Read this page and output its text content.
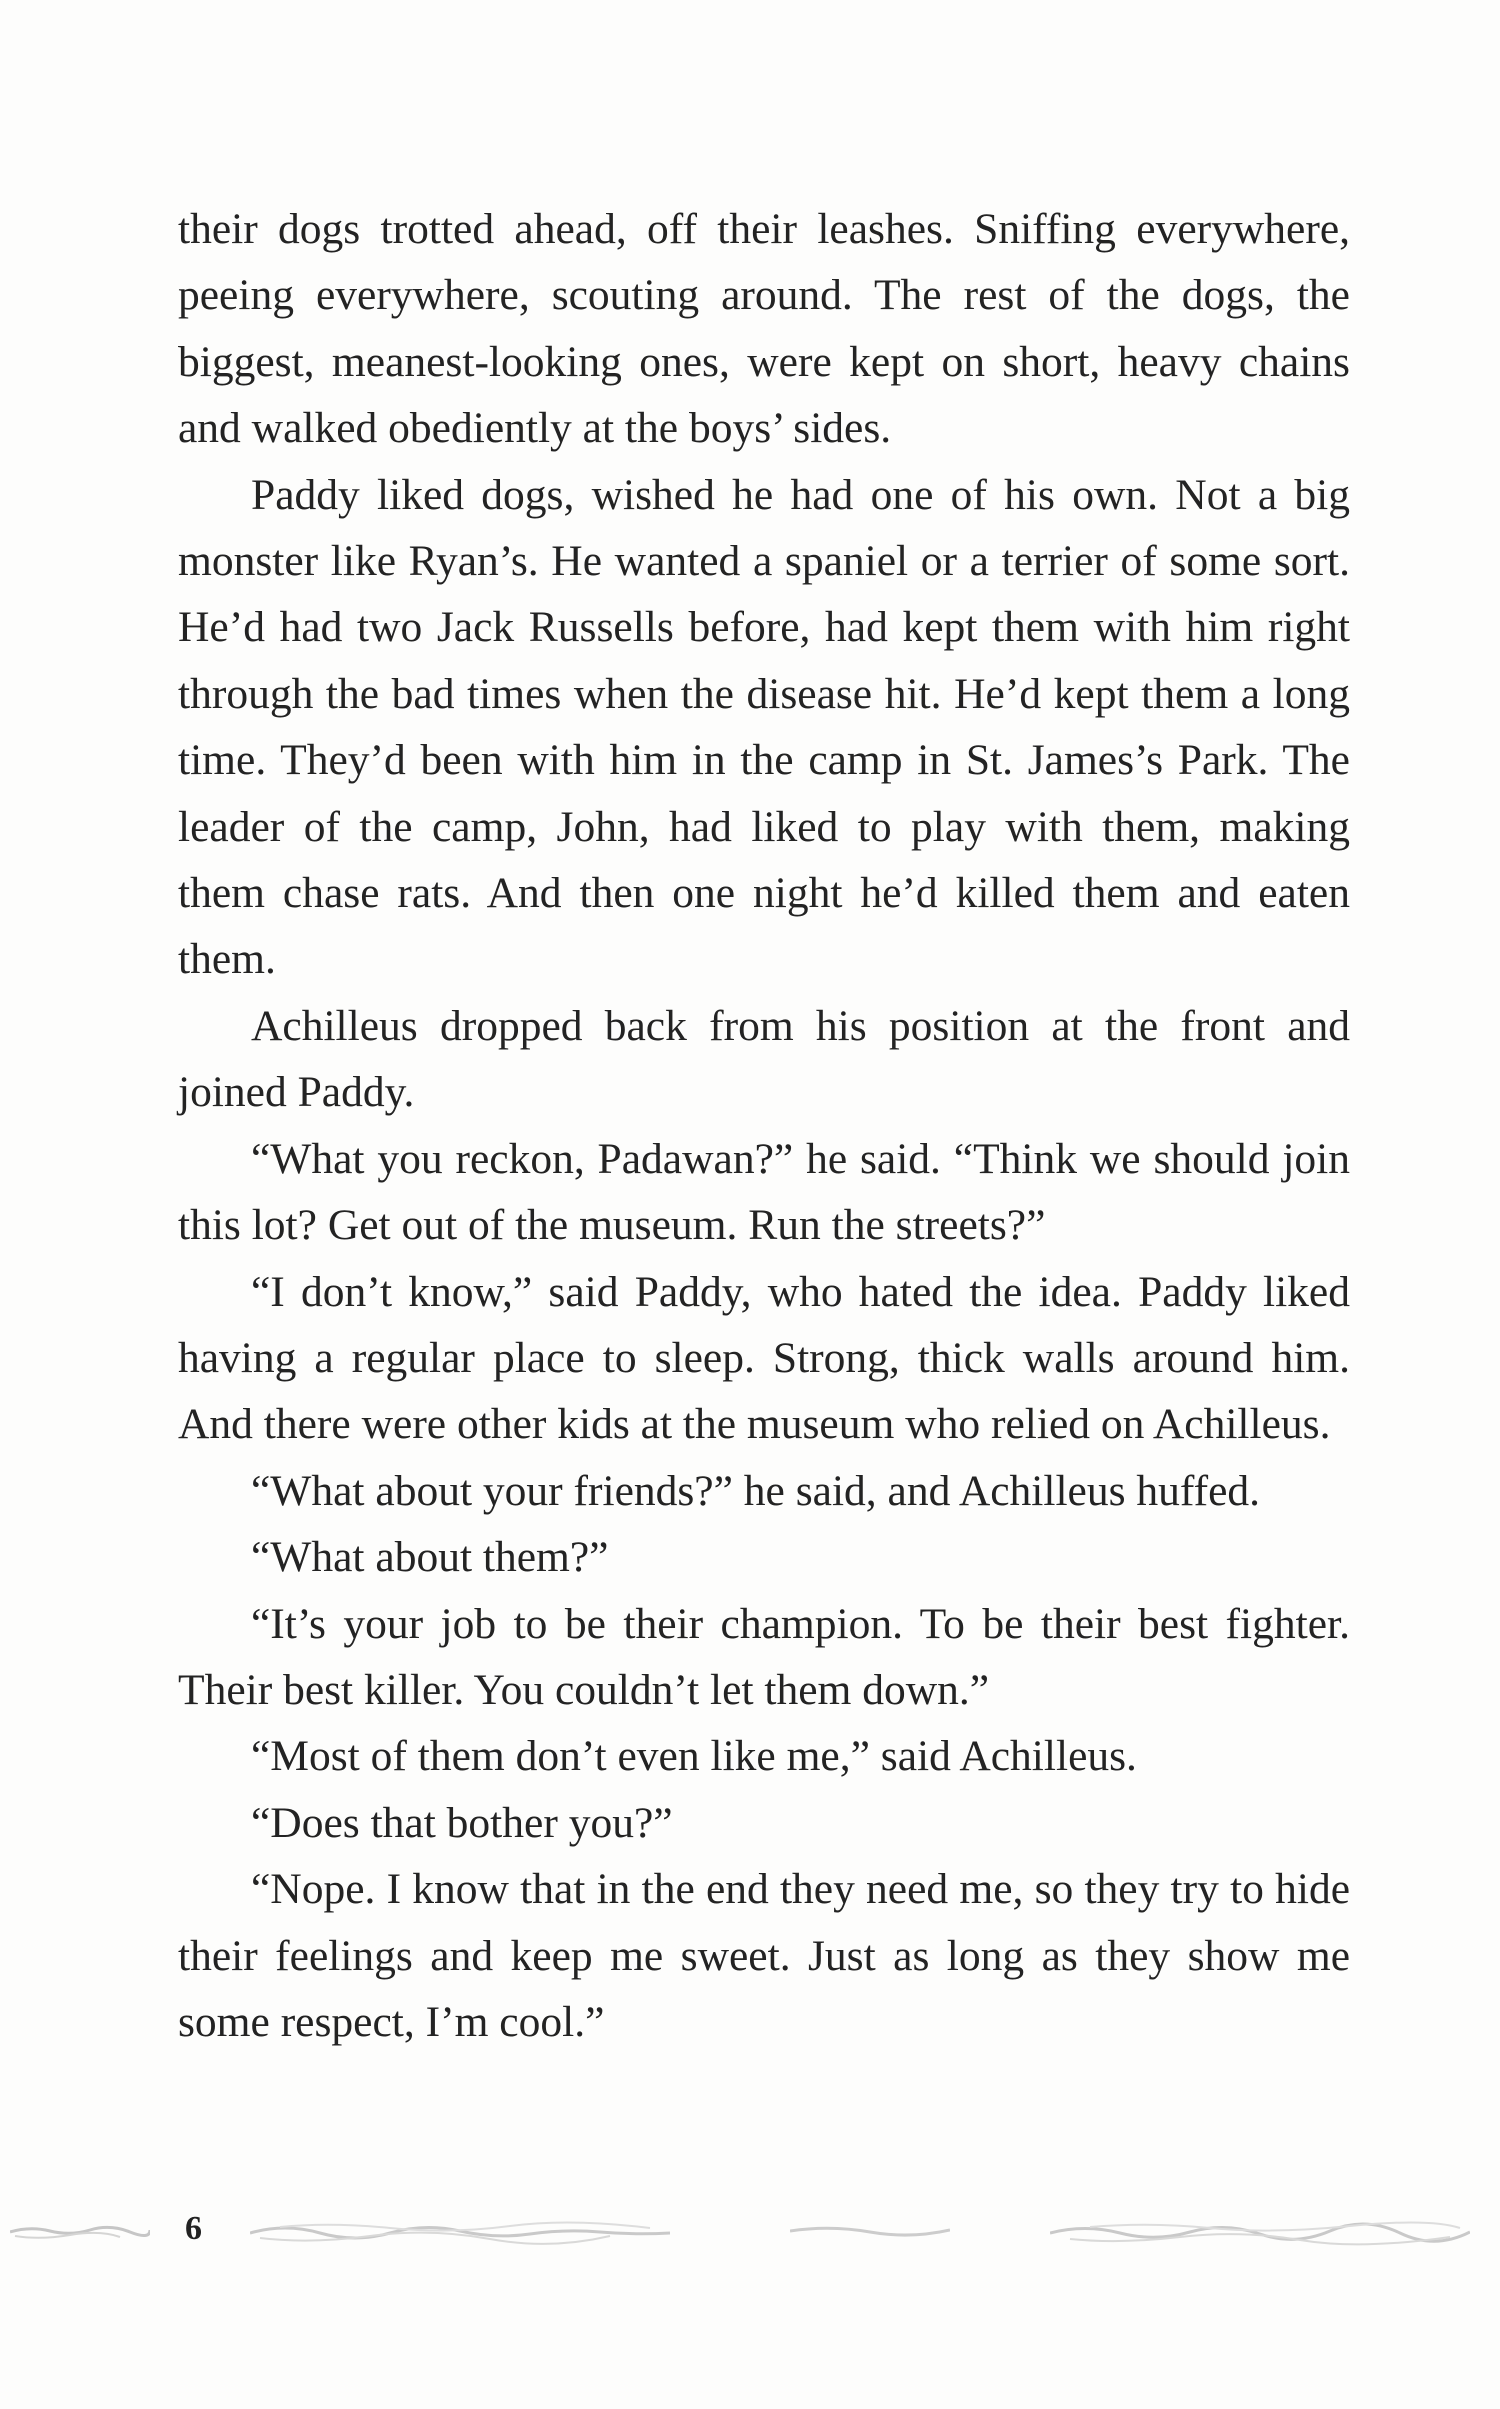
their dogs trotted ahead, off their leashes. Sniffing everywhere, peeing everywhere, scouting around. The rest of the dogs, the biggest, meanest-looking ones, were kept on short, heavy chains and walked obediently at the boys’ sides.

Paddy liked dogs, wished he had one of his own. Not a big monster like Ryan’s. He wanted a spaniel or a terrier of some sort. He’d had two Jack Russells before, had kept them with him right through the bad times when the disease hit. He’d kept them a long time. They’d been with him in the camp in St. James’s Park. The leader of the camp, John, had liked to play with them, making them chase rats. And then one night he’d killed them and eaten them.

Achilleus dropped back from his position at the front and joined Paddy.

“What you reckon, Padawan?” he said. “Think we should join this lot? Get out of the museum. Run the streets?”

“I don’t know,” said Paddy, who hated the idea. Paddy liked having a regular place to sleep. Strong, thick walls around him. And there were other kids at the museum who relied on Achilleus.

“What about your friends?” he said, and Achilleus huffed.

“What about them?”

“It’s your job to be their champion. To be their best fighter. Their best killer. You couldn’t let them down.”

“Most of them don’t even like me,” said Achilleus.

“Does that bother you?”

“Nope. I know that in the end they need me, so they try to hide their feelings and keep me sweet. Just as long as they show me some respect, I’m cool.”

6
